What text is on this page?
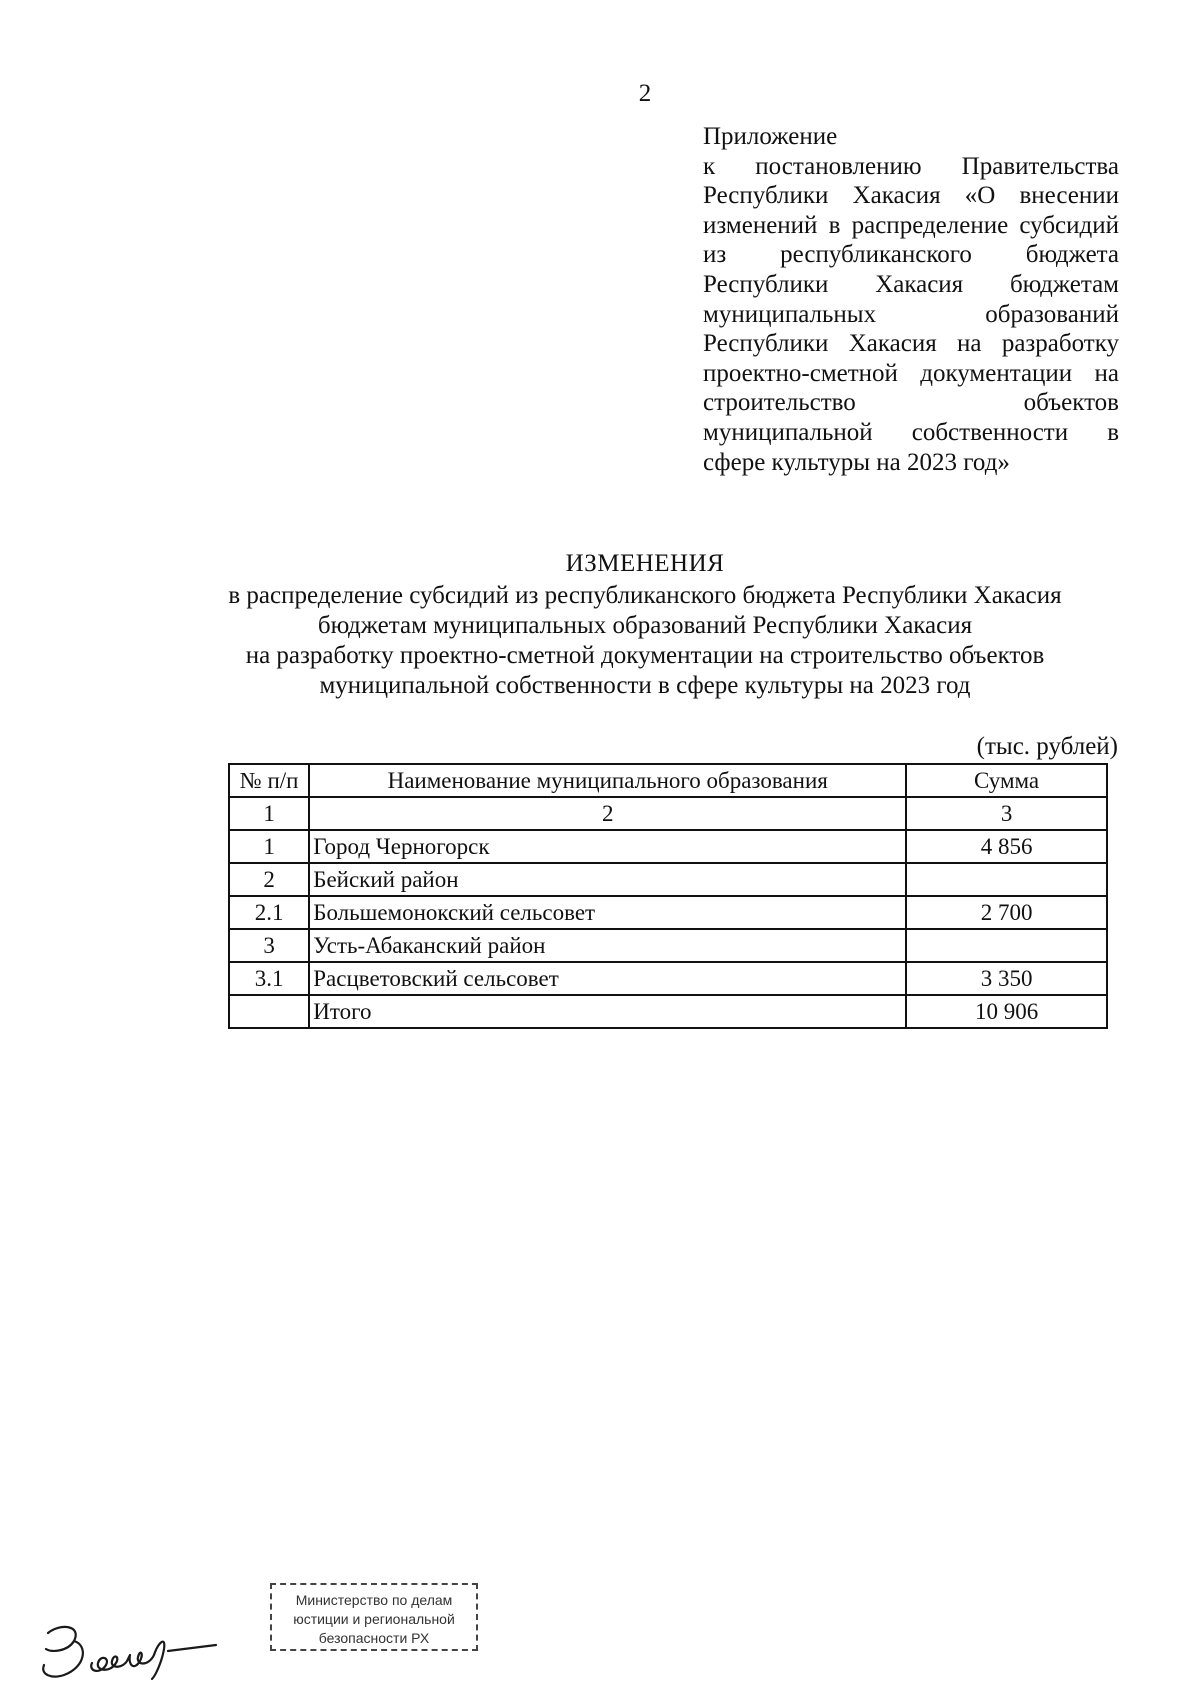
2
Приложение
к постановлению Правительства Республики Хакасия «О внесении изменений в распределение субсидий из республиканского бюджета Республики Хакасия бюджетам муниципальных образований Республики Хакасия на разработку проектно-сметной документации на строительство объектов муниципальной собственности в сфере культуры на 2023 год»
ИЗМЕНЕНИЯ
в распределение субсидий из республиканского бюджета Республики Хакасия
бюджетам муниципальных образований Республики Хакасия
на разработку проектно-сметной документации на строительство объектов
муниципальной собственности в сфере культуры на 2023 год
(тыс. рублей)
№ п/п	Наименование муниципального образования	Сумма
1	2	3
1	Город Черногорск	4 856
2	Бейский район	
2.1	Большемонокский сельсовет	2 700
3	Усть-Абаканский район	
3.1	Расцветовский сельсовет	3 350
	Итого	10 906
Министерство по делам
юстиции и региональной
безопасности РХ
